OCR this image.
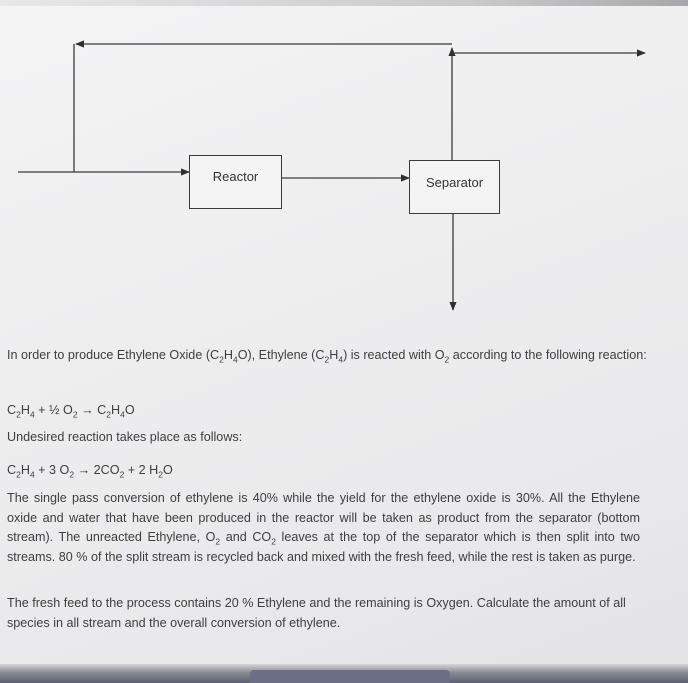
Reactor	Separator
In order to produce Ethylene Oxide $(C_2H_4O)$, Ethylene $(C_2H_4)$ is reacted with $O_2$ according to the following reaction:
$C_2H_4$ + ½ $O_2 \to C_2H_4O$
Undesired reaction takes place as follows:
$C_2H_4 + 3$ $O_2 \to 2CO_2 + 2$ $H_2O$
The single pass conversion of ethylene is 40% while the yield for the ethylene oxide is 30%. All the Ethylene oxide and water that have been produced in the reactor will be taken as product from the separator (bottom stream). The unreacted Ethylene, $O_2$ and $CO_2$ leaves at the top of the separator which is then split into two streams. 80 % of the split stream is recycled back and mixed with the fresh feed, while the rest is taken as purge.
The fresh feed to the process contains 20 % Ethylene and the remaining is Oxygen. Calculate the amount of all species in all stream and the overall conversion of ethylene.
